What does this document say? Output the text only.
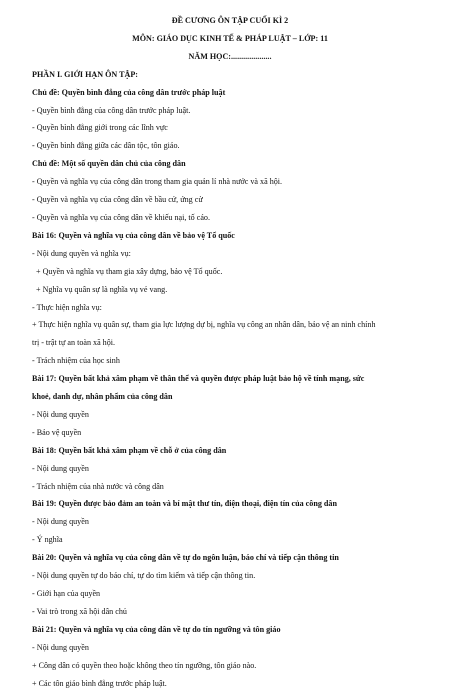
ĐỀ CƯƠNG ÔN TẬP CUỐI KÌ 2
MÔN: GIÁO DỤC KINH TẾ & PHÁP LUẬT – LỚP: 11
NĂM HỌC:....................
PHẦN I. GIỚI HẠN ÔN TẬP:
Chủ đề: Quyền bình đẳng của công dân trước pháp luật
- Quyền bình đẳng của công dân trước pháp luật.
- Quyền bình đẳng giới trong các lĩnh vực
- Quyền bình đẳng giữa các dân tộc, tôn giáo.
Chủ đề: Một số quyền dân chủ của công dân
- Quyền và nghĩa vụ của công dân trong tham gia quản lí nhà nước và xã hội.
- Quyền và nghĩa vụ của công dân về bầu cử, ứng cử
- Quyền và nghĩa vụ của công dân về khiếu nại, tố cáo.
Bài 16: Quyền và nghĩa vụ của công dân về bảo vệ Tổ quốc
- Nội dung quyền và nghĩa vụ:
+ Quyền và nghĩa vụ tham gia xây dựng, bảo vệ Tổ quốc.
+ Nghĩa vụ quân sự là nghĩa vụ vẻ vang.
- Thực hiện nghĩa vụ:
+ Thực hiện nghĩa vụ quân sự, tham gia lực lượng dự bị, nghĩa vụ công an nhân dân, bảo vệ an ninh chính
trị - trật tự an toàn xã hội.
- Trách nhiệm của học sinh
Bài 17: Quyền bất khả xâm phạm về thân thể và quyền được pháp luật bảo hộ về tính mạng, sức
khoẻ, danh dự, nhân phẩm của công dân
- Nội dung quyền
- Bảo vệ quyền
Bài 18: Quyền bất khả xâm phạm về chỗ ở của công dân
- Nội dung quyền
- Trách nhiệm của nhà nước và công dân
Bài 19: Quyền được bảo đảm an toàn và bí mật thư tín, điện thoại, điện tín của công dân
- Nội dung quyền
- Ý nghĩa
Bài 20: Quyền và nghĩa vụ của công dân về tự do ngôn luận, báo chí và tiếp cận thông tin
- Nội dung quyền tự do báo chí, tự do tìm kiếm và tiếp cận thông tin.
- Giới hạn của quyền
- Vai trò trong xã hội dân chủ
Bài 21: Quyền và nghĩa vụ của công dân về tự do tín ngưỡng và tôn giáo
- Nội dung quyền
+ Công dân có quyền theo hoặc không theo tín ngưỡng, tôn giáo nào.
+ Các tôn giáo bình đẳng trước pháp luật.
